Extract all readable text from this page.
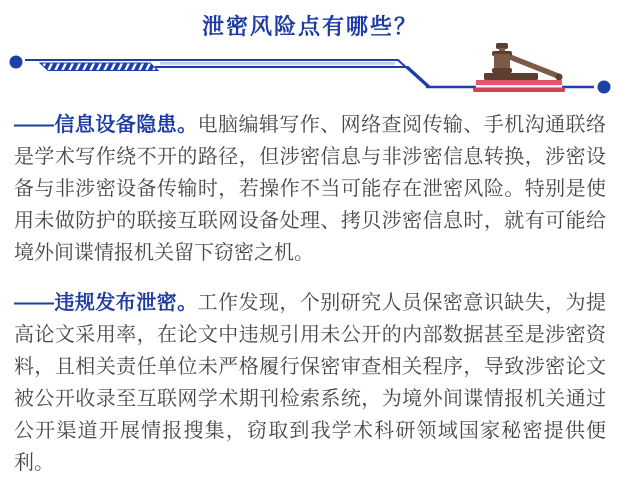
泄密风险点有哪些？

——信息设备隐患。电脑编辑写作、网络查阅传输、手机沟通联络是学术写作绕不开的路径，但涉密信息与非涉密信息转换，涉密设备与非涉密设备传输时，若操作不当可能存在泄密风险。特别是使用未做防护的联接互联网设备处理、拷贝涉密信息时，就有可能给境外间谍情报机关留下窃密之机。

——违规发布泄密。工作发现，个别研究人员保密意识缺失，为提高论文采用率，在论文中违规引用未公开的内部数据甚至是涉密资料，且相关责任单位未严格履行保密审查相关程序，导致涉密论文被公开收录至互联网学术期刊检索系统，为境外间谍情报机关通过公开渠道开展情报搜集，窃取到我学术科研领域国家秘密提供便利。
